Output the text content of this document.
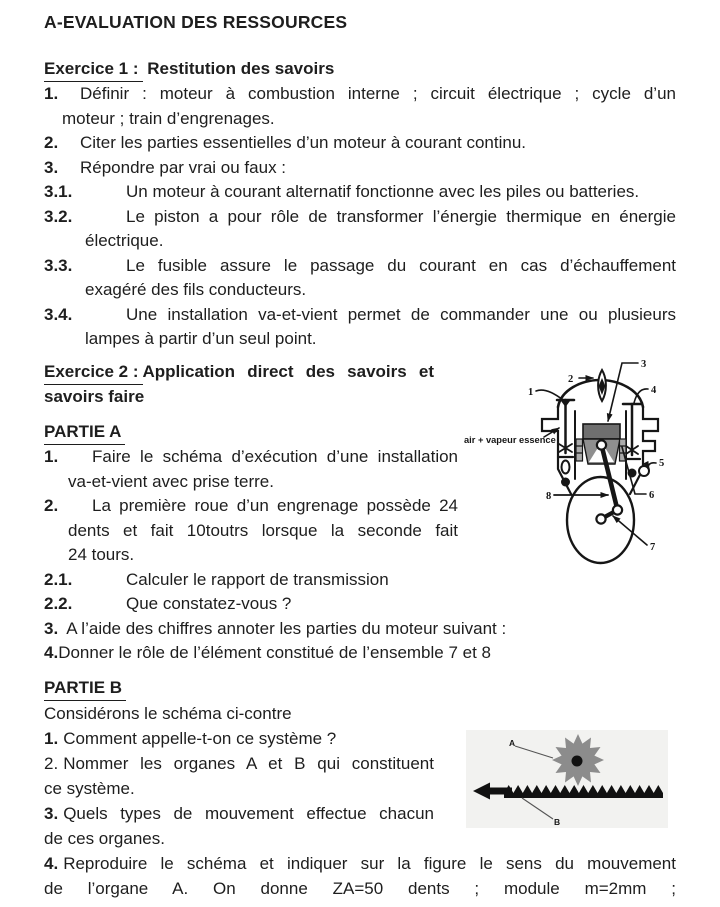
A-EVALUATION DES RESSOURCES

Exercice 1 : Restitution des savoirs

1. Définir : moteur à combustion interne ; circuit électrique ; cycle d’un
moteur ; train d’engrenages.

2. Citer les parties essentielles d’un moteur à courant continu.

3. Répondre par vrai ou faux :

3.1.	Un moteur à courant alternatif fonctionne avec les piles ou batteries.

3.2.	Le piston a pour rôle de transformer l’énergie thermique en énergie
électrique.

3.3.	Le fusible assure le passage du courant en cas d’échauffement
exagéré des fils conducteurs.

3.4.	Une installation va-et-vient permet de commander une ou plusieurs
lampes à partir d’un seul point.

Exercice 2 : Application direct des savoirs et
savoirs faire

PARTIE A

1. Faire le schéma d’exécution d’une installation
va-et-vient avec prise terre.

2. La première roue d’un engrenage possède 24
dents et fait 10toutrs lorsque la seconde fait
24 tours.

2.1.	Calculer le rapport de transmission

2.2.	Que constatez-vous ?

3. A l’aide des chiffres annoter les parties du moteur suivant :

4.Donner le rôle de l’élément constitué de l’ensemble 7 et 8

PARTIE B

Considérons le schéma ci-contre

1. Comment appelle-t-on ce système ?

2. Nommer les organes A et B qui constituent
ce système.

3. Quels types de mouvement effectue chacun
de ces organes.

4. Reproduire le schéma et indiquer sur la figure le sens du mouvement
de l’organe A. On donne ZA=50 dents ; module m=2mm ;

1
2
3
4
5
6
7
8
air + vapeur essence
A
B
